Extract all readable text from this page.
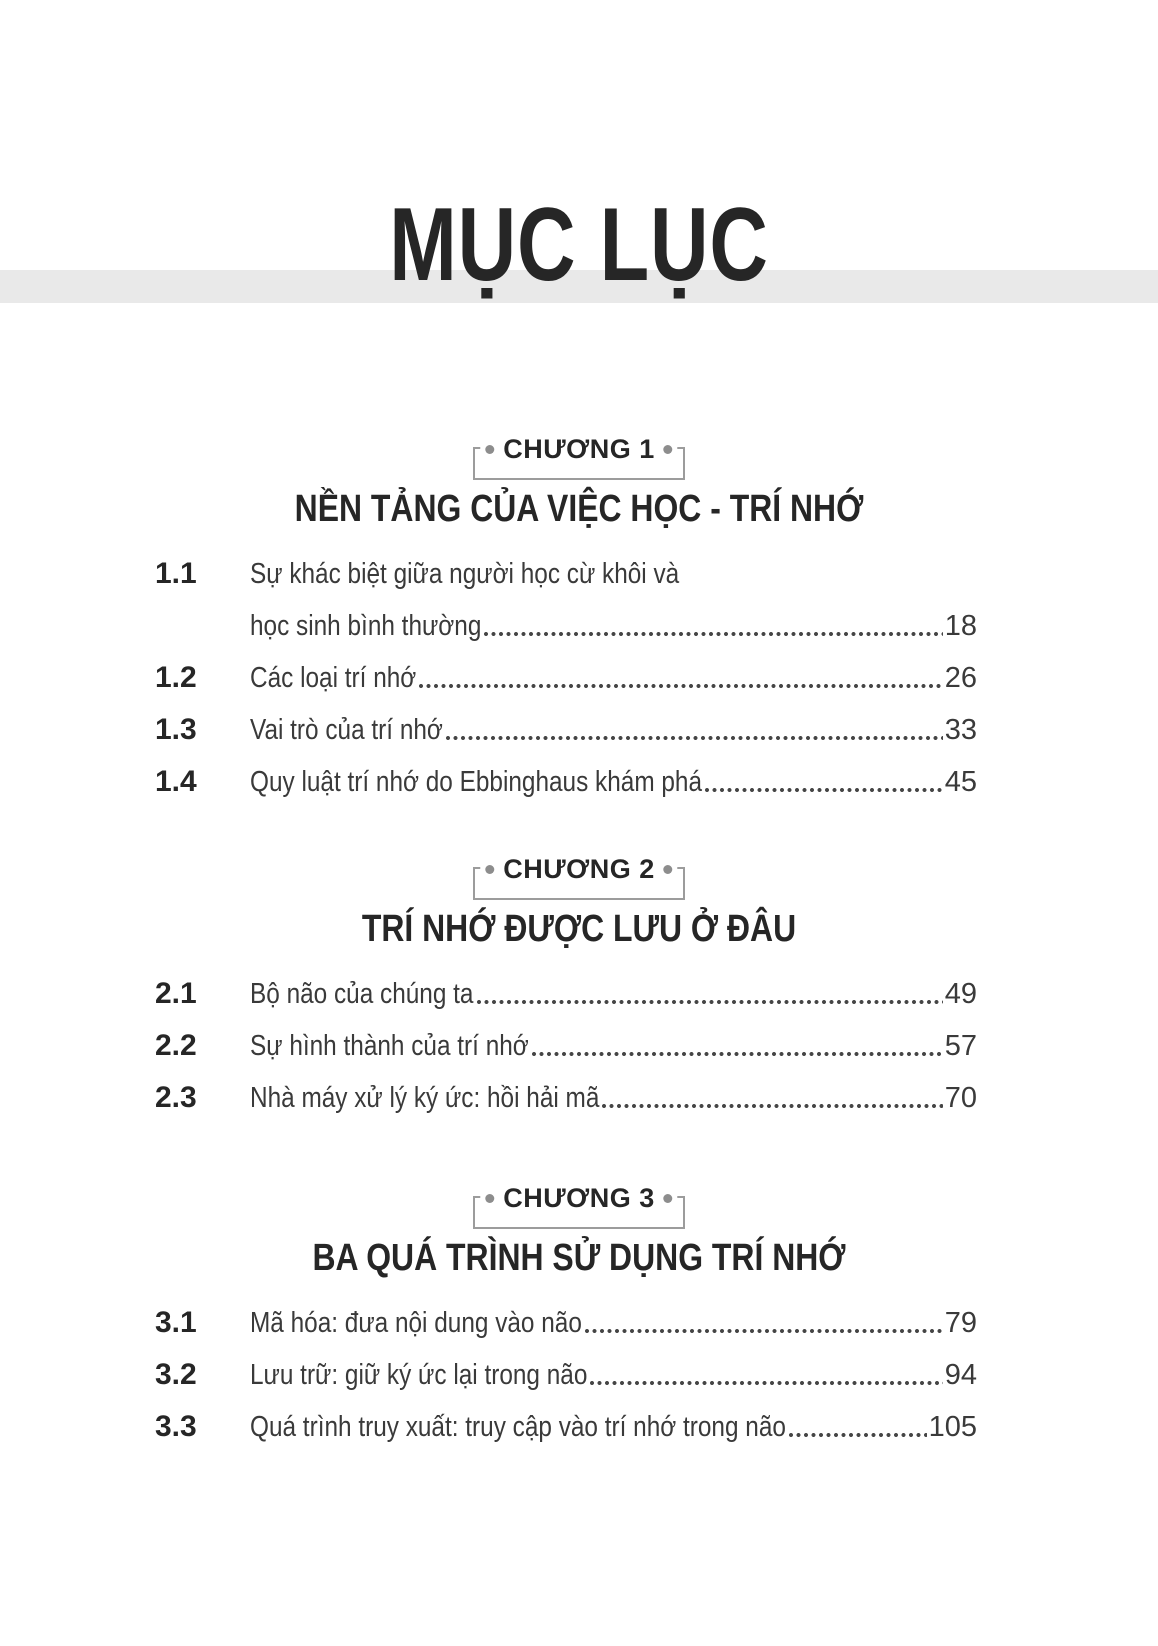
MỤC LỤC
CHƯƠNG 1
NỀN TẢNG CỦA VIỆC HỌC - TRÍ NHỚ
1.1	Sự khác biệt giữa người học cừ khôi và
học sinh bình thường	18
1.2	Các loại trí nhớ	26
1.3	Vai trò của trí nhớ	33
1.4	Quy luật trí nhớ do Ebbinghaus khám phá	45
CHƯƠNG 2
TRÍ NHỚ ĐƯỢC LƯU Ở ĐÂU
2.1	Bộ não của chúng ta	49
2.2	Sự hình thành của trí nhớ	57
2.3	Nhà máy xử lý ký ức: hồi hải mã	70
CHƯƠNG 3
BA QUÁ TRÌNH SỬ DỤNG TRÍ NHỚ
3.1	Mã hóa: đưa nội dung vào não	79
3.2	Lưu trữ: giữ ký ức lại trong não	94
3.3	Quá trình truy xuất: truy cập vào trí nhớ trong não	105
